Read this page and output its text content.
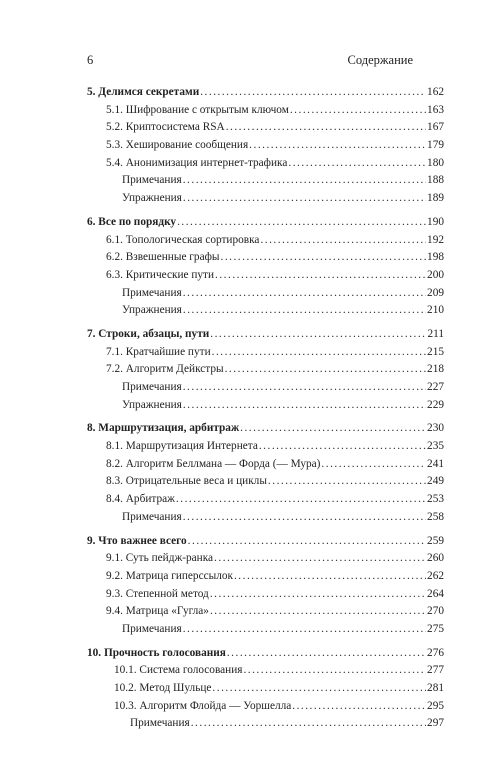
6	Содержание
5. Делимся секретами .....	162
5.1. Шифрование с открытым ключом .....	163
5.2. Криптосистема RSA .....	167
5.3. Хеширование сообщения .....	179
5.4. Анонимизация интернет-трафика .....	180
Примечания .....	188
Упражнения .....	189
6. Все по порядку .....	190
6.1. Топологическая сортировка .....	192
6.2. Взвешенные графы .....	198
6.3. Критические пути .....	200
Примечания .....	209
Упражнения .....	210
7. Строки, абзацы, пути .....	211
7.1. Кратчайшие пути .....	215
7.2. Алгоритм Дейкстры .....	218
Примечания .....	227
Упражнения .....	229
8. Маршрутизация, арбитраж .....	230
8.1. Маршрутизация Интернета .....	235
8.2. Алгоритм Беллмана — Форда (— Мура) .....	241
8.3. Отрицательные веса и циклы .....	249
8.4. Арбитраж .....	253
Примечания .....	258
9. Что важнее всего .....	259
9.1. Суть пейдж-ранка .....	260
9.2. Матрица гиперссылок .....	262
9.3. Степенной метод .....	264
9.4. Матрица «Гугла» .....	270
Примечания .....	275
10. Прочность голосования .....	276
10.1. Система голосования .....	277
10.2. Метод Шульце .....	281
10.3. Алгоритм Флойда — Уоршелла .....	295
Примечания .....	297
